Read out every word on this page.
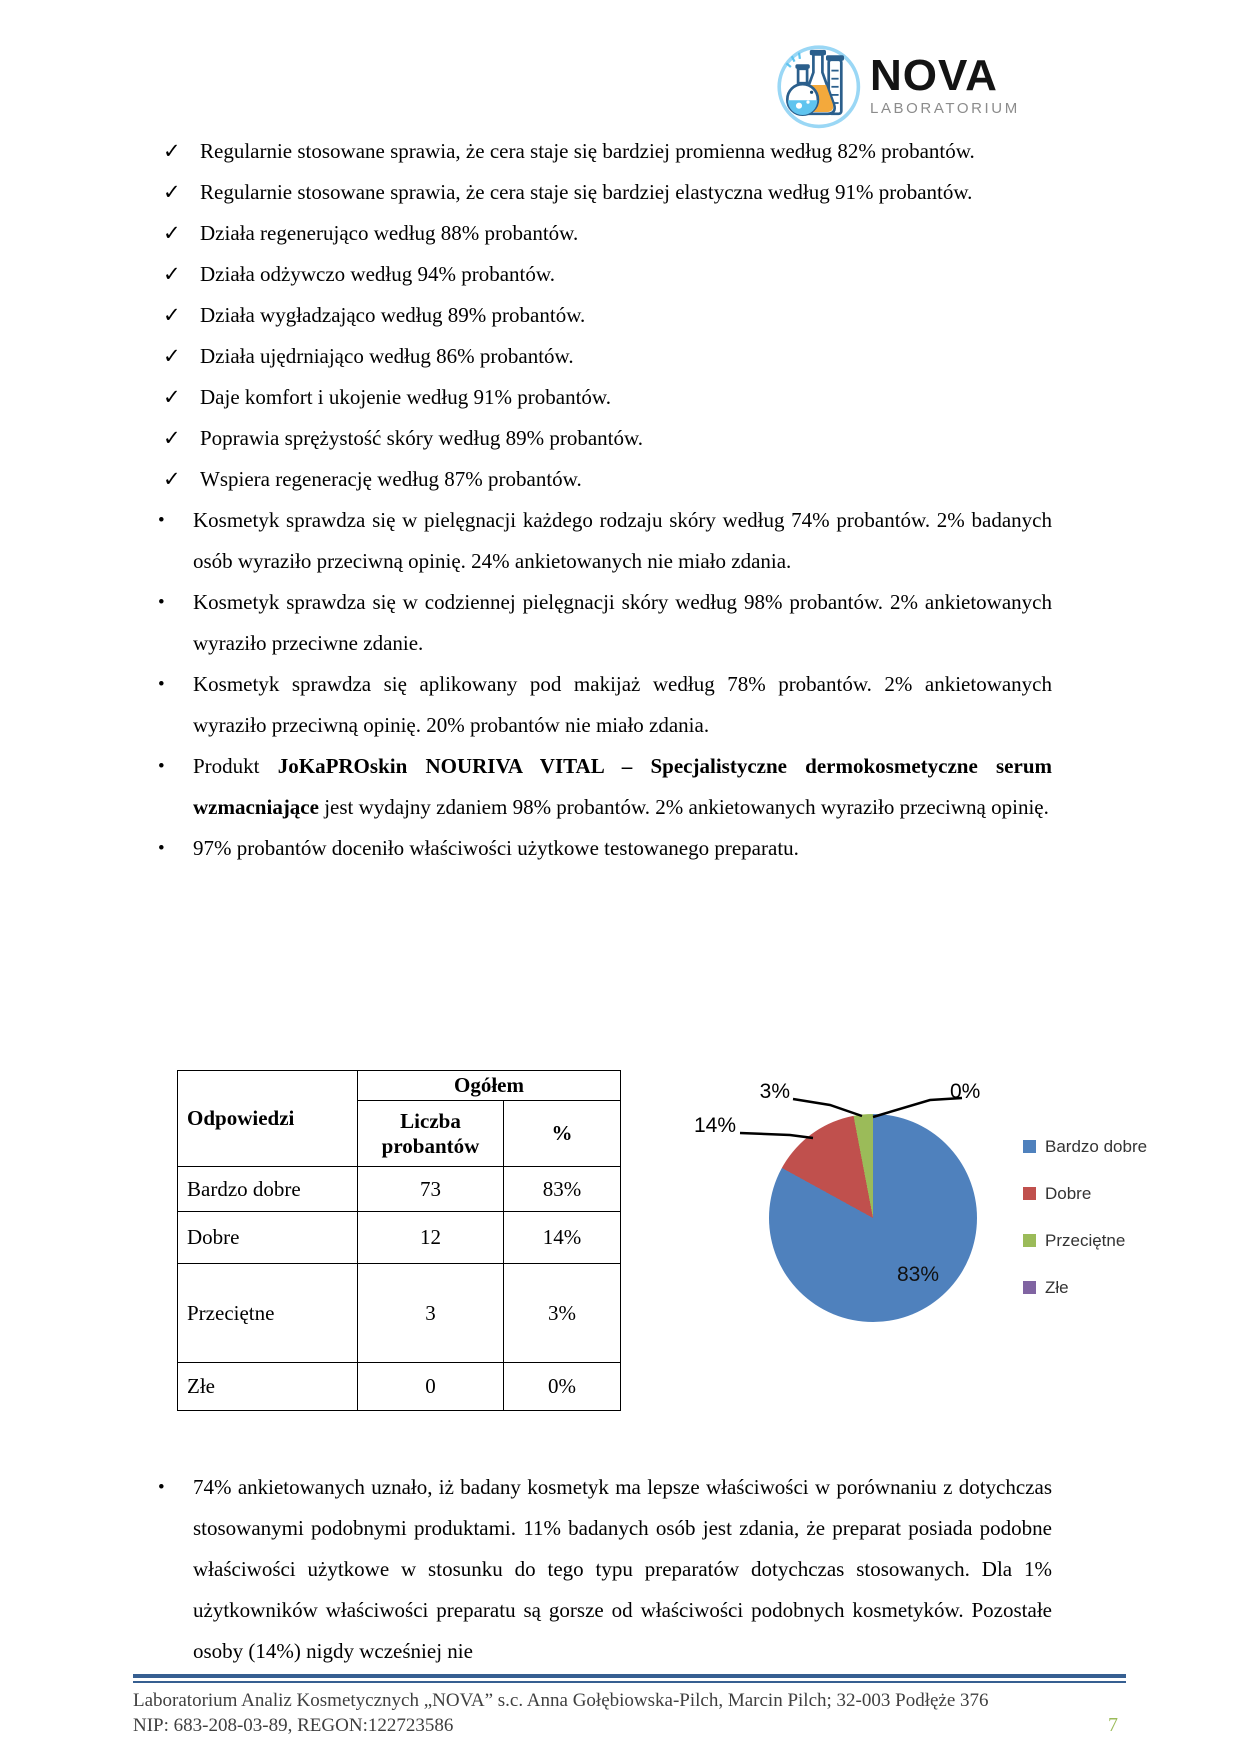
NOVA
LABORATORIUM
✓ Regularnie stosowane sprawia, że cera staje się bardziej promienna według 82% probantów.
✓ Regularnie stosowane sprawia, że cera staje się bardziej elastyczna według 91% probantów.
✓ Działa regenerująco według 88% probantów.
✓ Działa odżywczo według 94% probantów.
✓ Działa wygładzająco według 89% probantów.
✓ Działa ujędrniająco według 86% probantów.
✓ Daje komfort i ukojenie według 91% probantów.
✓ Poprawia sprężystość skóry według 89% probantów.
✓ Wspiera regenerację według 87% probantów.
• Kosmetyk sprawdza się w pielęgnacji każdego rodzaju skóry według 74% probantów. 2% badanych osób wyraziło przeciwną opinię. 24% ankietowanych nie miało zdania.
• Kosmetyk sprawdza się w codziennej pielęgnacji skóry według 98% probantów. 2% ankietowanych wyraziło przeciwne zdanie.
• Kosmetyk sprawdza się aplikowany pod makijaż według 78% probantów. 2% ankietowanych wyraziło przeciwną opinię. 20% probantów nie miało zdania.
• Produkt JoKaPROskin NOURIVA VITAL – Specjalistyczne dermokosmetyczne serum wzmacniające jest wydajny zdaniem 98% probantów. 2% ankietowanych wyraziło przeciwną opinię.
• 97% probantów doceniło właściwości użytkowe testowanego preparatu.
Odpowiedzi	Ogółem	
	Liczba probantów	%
Bardzo dobre	73	83%
Dobre	12	14%
Przeciętne	3	3%
Złe	0	0%
3%	0%
14%
83%
Bardzo dobre
Dobre
Przeciętne
Złe
• 74% ankietowanych uznało, iż badany kosmetyk ma lepsze właściwości w porównaniu z dotychczas stosowanymi podobnymi produktami. 11% badanych osób jest zdania, że preparat posiada podobne właściwości użytkowe w stosunku do tego typu preparatów dotychczas stosowanych. Dla 1% użytkowników właściwości preparatu są gorsze od właściwości podobnych kosmetyków. Pozostałe osoby (14%) nigdy wcześniej nie
Laboratorium Analiz Kosmetycznych „NOVA” s.c. Anna Gołębiowska-Pilch, Marcin Pilch; 32-003 Podłęże 376
NIP: 683-208-03-89, REGON:122723586	7
